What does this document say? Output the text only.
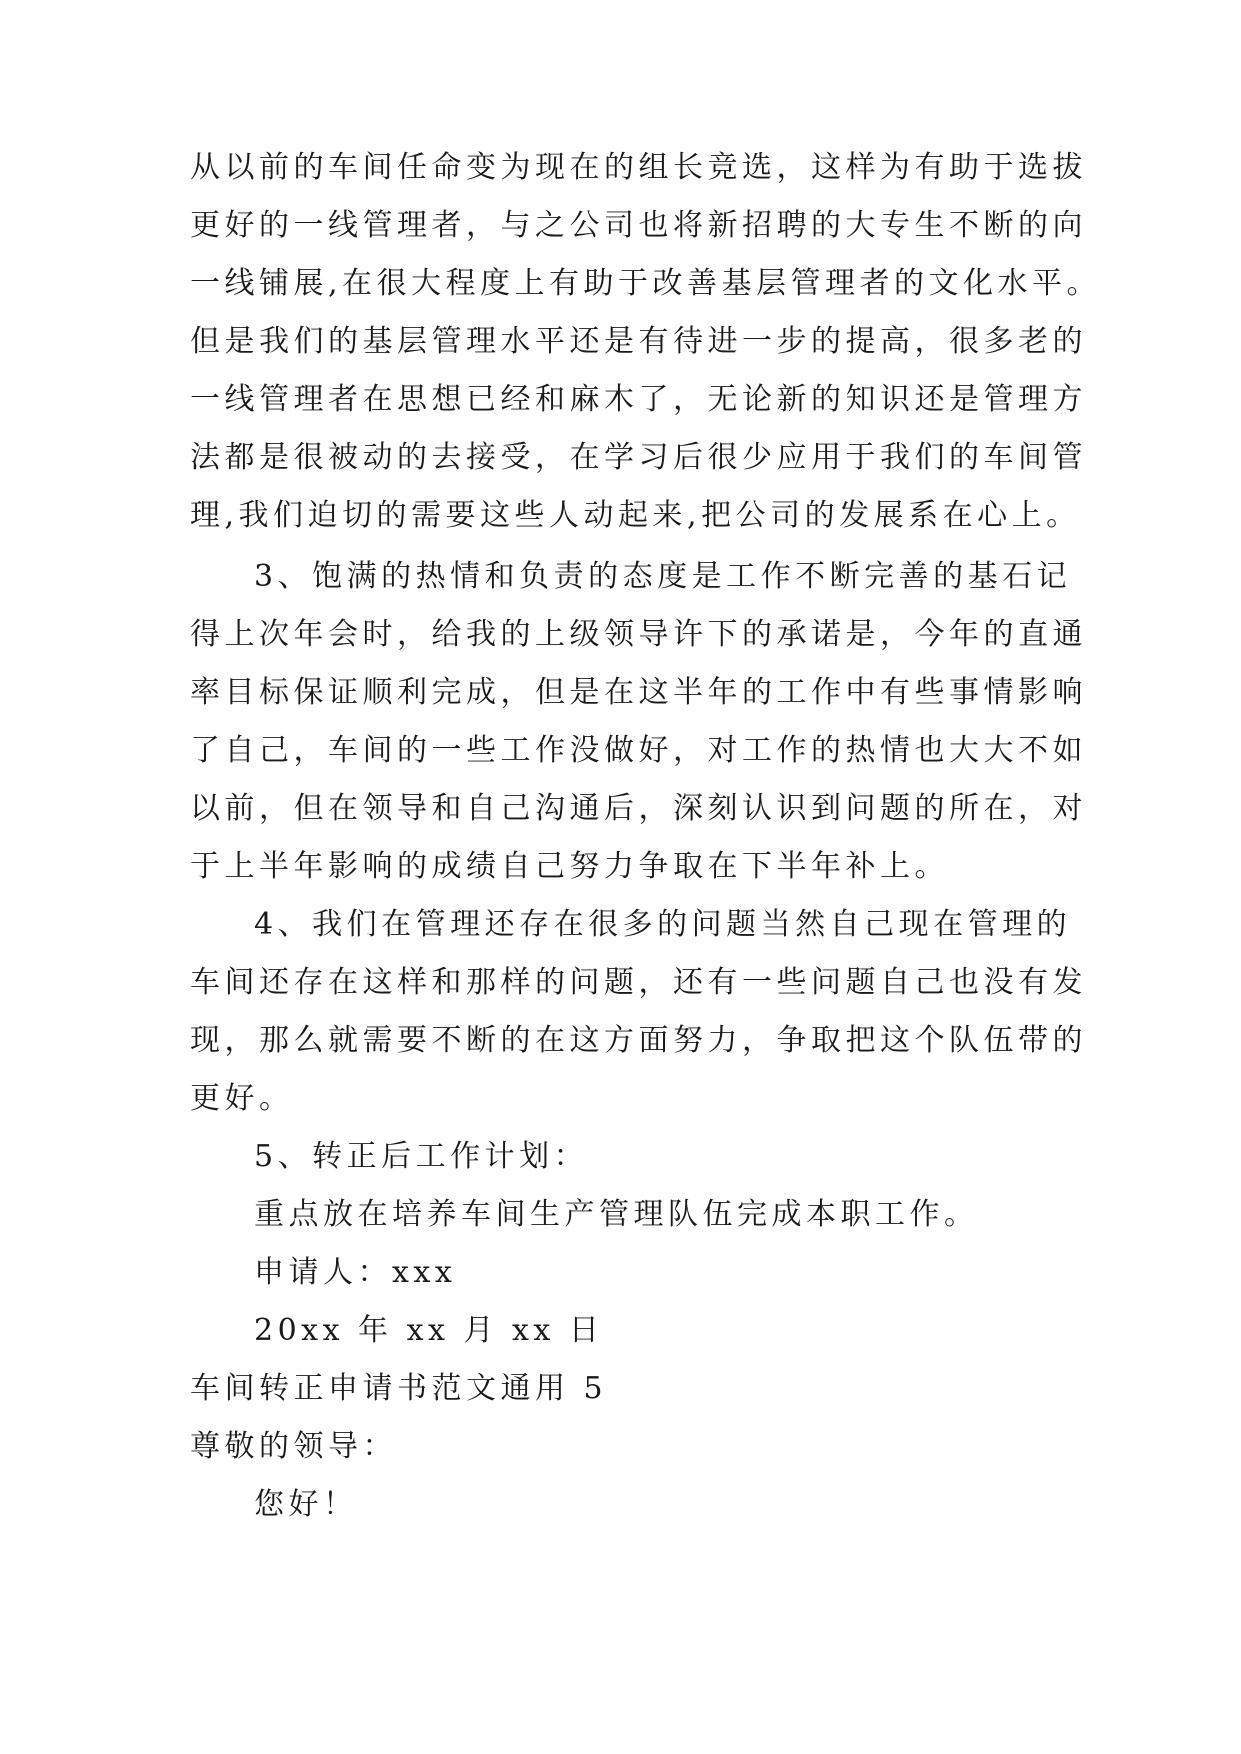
从以前的车间任命变为现在的组长竞选，这样为有助于选拔
更好的一线管理者，与之公司也将新招聘的大专生不断的向
一线铺展,在很大程度上有助于改善基层管理者的文化水平。
但是我们的基层管理水平还是有待进一步的提高，很多老的
一线管理者在思想已经和麻木了，无论新的知识还是管理方
法都是很被动的去接受，在学习后很少应用于我们的车间管
理,我们迫切的需要这些人动起来,把公司的发展系在心上。
3、饱满的热情和负责的态度是工作不断完善的基石记
得上次年会时，给我的上级领导许下的承诺是，今年的直通
率目标保证顺利完成，但是在这半年的工作中有些事情影响
了自己，车间的一些工作没做好，对工作的热情也大大不如
以前，但在领导和自己沟通后，深刻认识到问题的所在，对
于上半年影响的成绩自己努力争取在下半年补上。
4、我们在管理还存在很多的问题当然自己现在管理的
车间还存在这样和那样的问题，还有一些问题自己也没有发
现，那么就需要不断的在这方面努力，争取把这个队伍带的
更好。
5、转正后工作计划：
重点放在培养车间生产管理队伍完成本职工作。
申请人：xxx
20xx 年 xx 月 xx 日
车间转正申请书范文通用 5
尊敬的领导：
您好！
